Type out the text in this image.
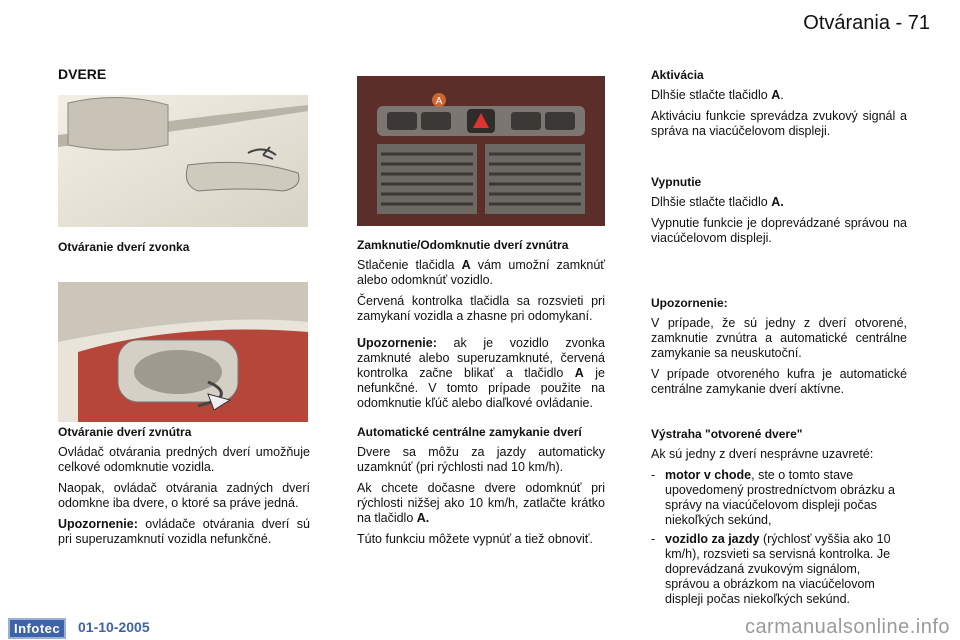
Otvárania - 71
DVERE
Otváranie dverí zvonka
Otváranie dverí zvnútra

Ovládač otvárania predných dverí umožňuje celkové odomknutie vozidla.

Naopak, ovládač otvárania zadných dverí odomkne iba dvere, o ktoré sa práve jedná.

Upozornenie: ovládače otvárania dverí sú pri superuzamknutí vozidla nefunkčné.

A
Zamknutie/Odomknutie dverí zvnútra

Stlačenie tlačidla A vám umožní zamknúť alebo odomknúť vozidlo.

Červená kontrolka tlačidla sa rozsvieti pri zamykaní vozidla a zhasne pri odomykaní.

Upozornenie: ak je vozidlo zvonka zamknuté alebo superuzamknuté, červená kontrolka začne blikať a tlačidlo A je nefunkčné. V tomto prípade použite na odomknutie kľúč alebo diaľkové ovládanie.

Automatické centrálne zamykanie dverí

Dvere sa môžu za jazdy automaticky uzamknúť (pri rýchlosti nad 10 km/h).

Ak chcete dočasne dvere odomknúť pri rýchlosti nižšej ako 10 km/h, zatlačte krátko na tlačidlo A.

Túto funkciu môžete vypnúť a tiež obnoviť.

Aktivácia

Dlhšie stlačte tlačidlo A.

Aktiváciu funkcie sprevádza zvukový signál a správa na viacúčelovom displeji.

Vypnutie

Dlhšie stlačte tlačidlo A.

Vypnutie funkcie je doprevádzané správou na viacúčelovom displeji.

Upozornenie:

V prípade, že sú jedny z dverí otvorené, zamknutie zvnútra a automatické centrálne zamykanie sa neuskutoční.

V prípade otvoreného kufra je automatické centrálne zamykanie dverí aktívne.

Výstraha "otvorené dvere"

Ak sú jedny z dverí nesprávne uzavreté:

- motor v chode, ste o tomto stave upovedomený prostredníctvom obrázku a správy na viacúčelovom displeji počas niekoľkých sekúnd,
- vozidlo za jazdy (rýchlosť vyššia ako 10 km/h), rozsvieti sa servisná kontrolka. Je doprevádzaná zvukovým signálom, správou a obrázkom na viacúčelovom displeji počas niekoľkých sekúnd.
Infotec	01-10-2005	carmanualsonline.info
